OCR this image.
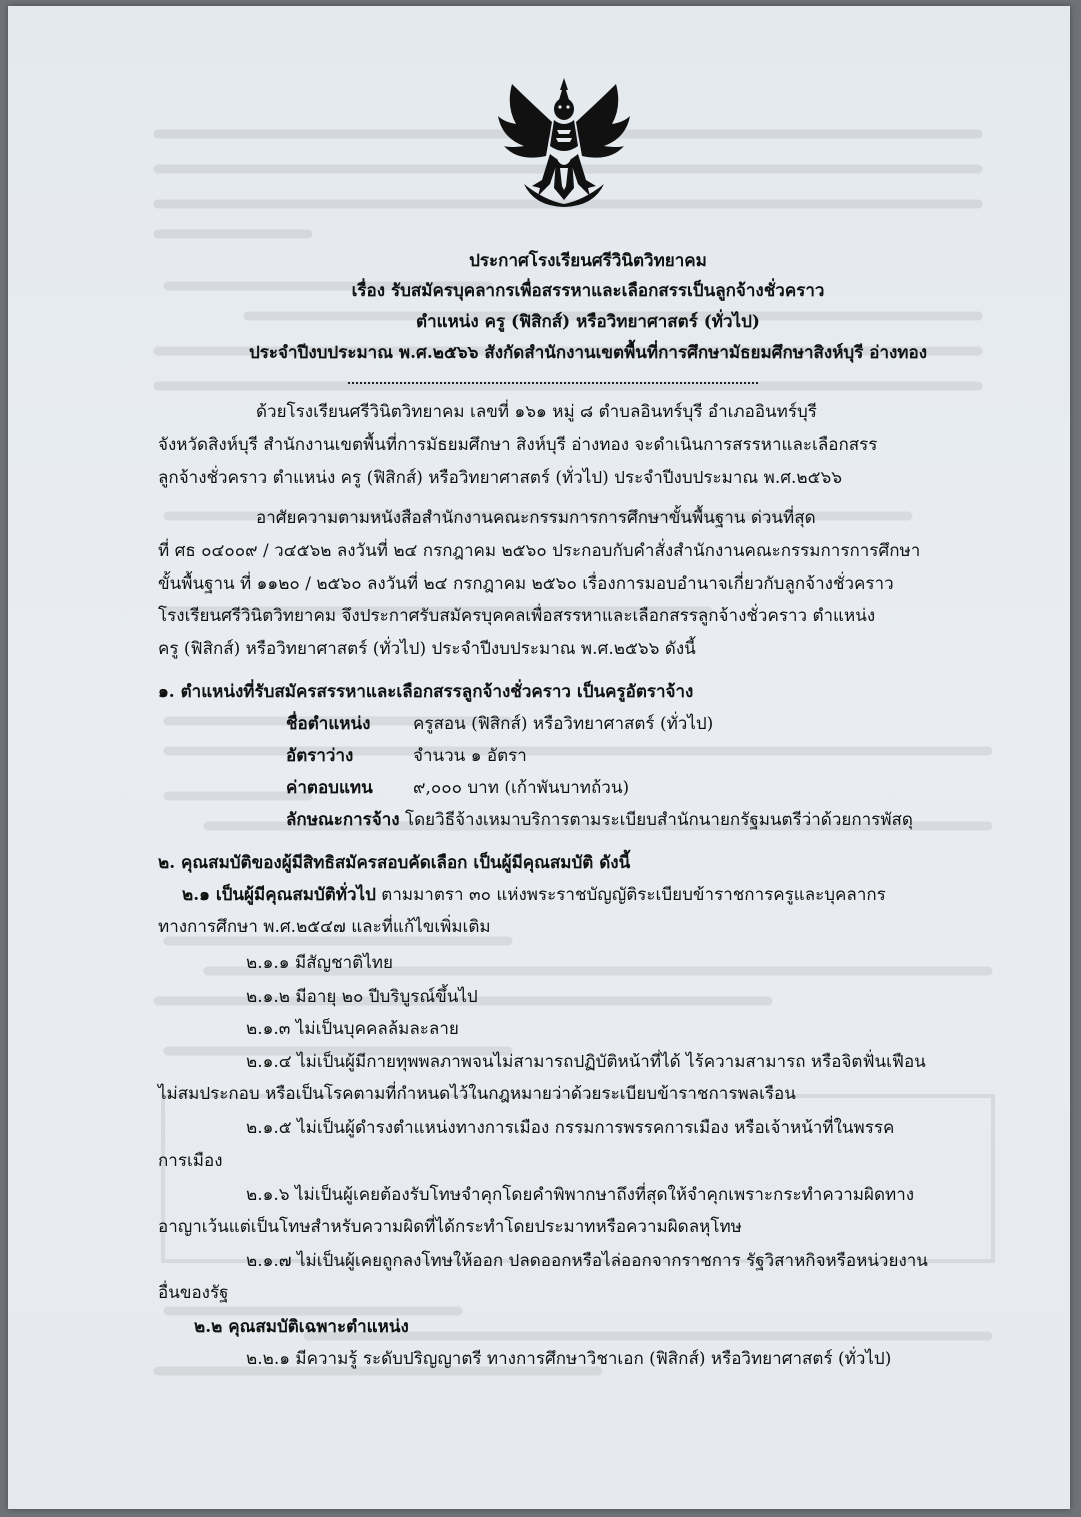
ประกาศโรงเรียนศรีวินิตวิทยาคม
เรื่อง รับสมัครบุคลากรเพื่อสรรหาและเลือกสรรเป็นลูกจ้างชั่วคราว
ตำแหน่ง ครู (ฟิสิกส์) หรือวิทยาศาสตร์ (ทั่วไป)
ประจำปีงบประมาณ พ.ศ.๒๕๖๖ สังกัดสำนักงานเขตพื้นที่การศึกษามัธยมศึกษาสิงห์บุรี อ่างทอง
ด้วยโรงเรียนศรีวินิตวิทยาคม เลขที่ ๑๖๑ หมู่ ๘ ตำบลอินทร์บุรี อำเภออินทร์บุรี
จังหวัดสิงห์บุรี สำนักงานเขตพื้นที่การมัธยมศึกษา สิงห์บุรี อ่างทอง จะดำเนินการสรรหาและเลือกสรร
ลูกจ้างชั่วคราว ตำแหน่ง ครู (ฟิสิกส์) หรือวิทยาศาสตร์ (ทั่วไป) ประจำปีงบประมาณ พ.ศ.๒๕๖๖
อาศัยความตามหนังสือสำนักงานคณะกรรมการการศึกษาขั้นพื้นฐาน ด่วนที่สุด
ที่ ศธ ๐๔๐๐๙ / ว๔๕๖๒ ลงวันที่ ๒๔ กรกฎาคม ๒๕๖๐ ประกอบกับคำสั่งสำนักงานคณะกรรมการการศึกษา
ขั้นพื้นฐาน ที่ ๑๑๒๐ / ๒๕๖๐ ลงวันที่ ๒๔ กรกฎาคม ๒๕๖๐ เรื่องการมอบอำนาจเกี่ยวกับลูกจ้างชั่วคราว
โรงเรียนศรีวินิตวิทยาคม จึงประกาศรับสมัครบุคคลเพื่อสรรหาและเลือกสรรลูกจ้างชั่วคราว ตำแหน่ง
ครู (ฟิสิกส์) หรือวิทยาศาสตร์ (ทั่วไป) ประจำปีงบประมาณ พ.ศ.๒๕๖๖ ดังนี้
๑. ตำแหน่งที่รับสมัครสรรหาและเลือกสรรลูกจ้างชั่วคราว เป็นครูอัตราจ้าง
ชื่อตำแหน่ง	ครูสอน (ฟิสิกส์) หรือวิทยาศาสตร์ (ทั่วไป)
อัตราว่าง	จำนวน ๑ อัตรา
ค่าตอบแทน ๙,๐๐๐ บาท (เก้าพันบาทถ้วน)
ลักษณะการจ้าง โดยวิธีจ้างเหมาบริการตามระเบียบสำนักนายกรัฐมนตรีว่าด้วยการพัสดุ
๒. คุณสมบัติของผู้มีสิทธิสมัครสอบคัดเลือก เป็นผู้มีคุณสมบัติ ดังนี้
๒.๑ เป็นผู้มีคุณสมบัติทั่วไป ตามมาตรา ๓๐ แห่งพระราชบัญญัติระเบียบข้าราชการครูและบุคลากร
ทางการศึกษา พ.ศ.๒๕๔๗ และที่แก้ไขเพิ่มเติม
๒.๑.๑ มีสัญชาติไทย
๒.๑.๒ มีอายุ ๒๐ ปีบริบูรณ์ขึ้นไป
๒.๑.๓ ไม่เป็นบุคคลล้มละลาย
๒.๑.๔ ไม่เป็นผู้มีกายทุพพลภาพจนไม่สามารถปฏิบัติหน้าที่ได้ ไร้ความสามารถ หรือจิตฟั่นเฟือน
ไม่สมประกอบ หรือเป็นโรคตามที่กำหนดไว้ในกฎหมายว่าด้วยระเบียบข้าราชการพลเรือน
๒.๑.๕ ไม่เป็นผู้ดำรงตำแหน่งทางการเมือง กรรมการพรรคการเมือง หรือเจ้าหน้าที่ในพรรค
การเมือง
๒.๑.๖ ไม่เป็นผู้เคยต้องรับโทษจำคุกโดยคำพิพากษาถึงที่สุดให้จำคุกเพราะกระทำความผิดทาง
อาญาเว้นแต่เป็นโทษสำหรับความผิดที่ได้กระทำโดยประมาทหรือความผิดลหุโทษ
๒.๑.๗ ไม่เป็นผู้เคยถูกลงโทษให้ออก ปลดออกหรือไล่ออกจากราชการ รัฐวิสาหกิจหรือหน่วยงาน
อื่นของรัฐ
๒.๒ คุณสมบัติเฉพาะตำแหน่ง
๒.๒.๑ มีความรู้ ระดับปริญญาตรี ทางการศึกษาวิชาเอก (ฟิสิกส์) หรือวิทยาศาสตร์ (ทั่วไป)
